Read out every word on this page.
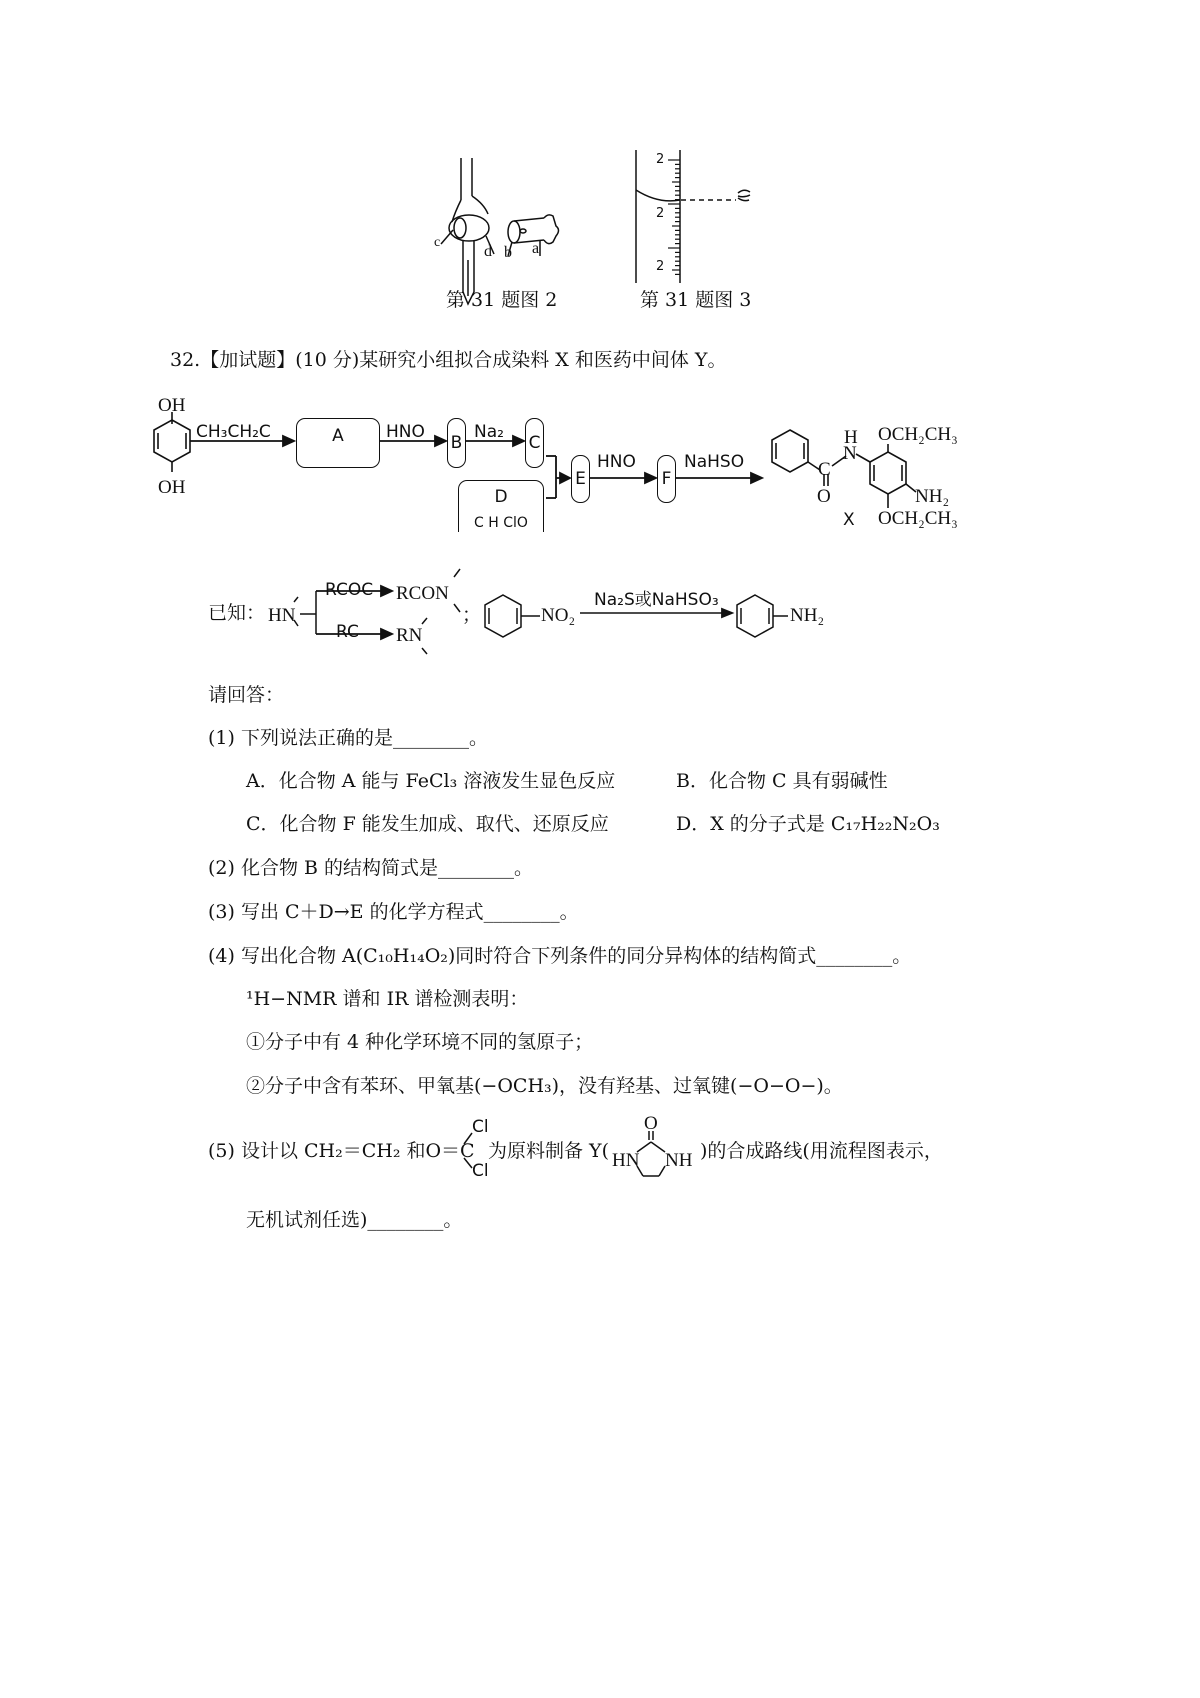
c
d b a
第 31 题图 2
2
2
2
第 31 题图 3
32.【加试题】(10 分)某研究小组拟合成染料 X 和医药中间体 Y。
OH
OH
CH₃CH₂C	A HNO
B
Na₂
C
D
C H ClO
E
HNO
F
NaHSO
H
N
C
O
X
OCH₂CH₃
NH₂
OCH₂CH₃
已知： HN
RCOC RCON
RC RN
；	NO₂
Na₂S或NaHSO₃
NH₂
请回答：
(1) 下列说法正确的是________。
A．化合物 A 能与 FeCl₃ 溶液发生显色反应	B．化合物 C 具有弱碱性
C．化合物 F 能发生加成、取代、还原反应	D．X 的分子式是 C₁₇H₂₂N₂O₃
(2) 化合物 B 的结构简式是________。
(3) 写出 C＋D→E 的化学方程式________。
(4) 写出化合物 A(C₁₀H₁₄O₂)同时符合下列条件的同分异构体的结构简式________。
¹H−NMR 谱和 IR 谱检测表明：
①分子中有 4 种化学环境不同的氢原子；
②分子中含有苯环、甲氧基(−OCH₃)，没有羟基、过氧键(−O−O−)。
(5) 设计以 CH₂＝CH₂ 和O＝C
Cl
Cl
为原料制备 Y(
O
HN NH )的合成路线(用流程图表示，
无机试剂任选)________。
